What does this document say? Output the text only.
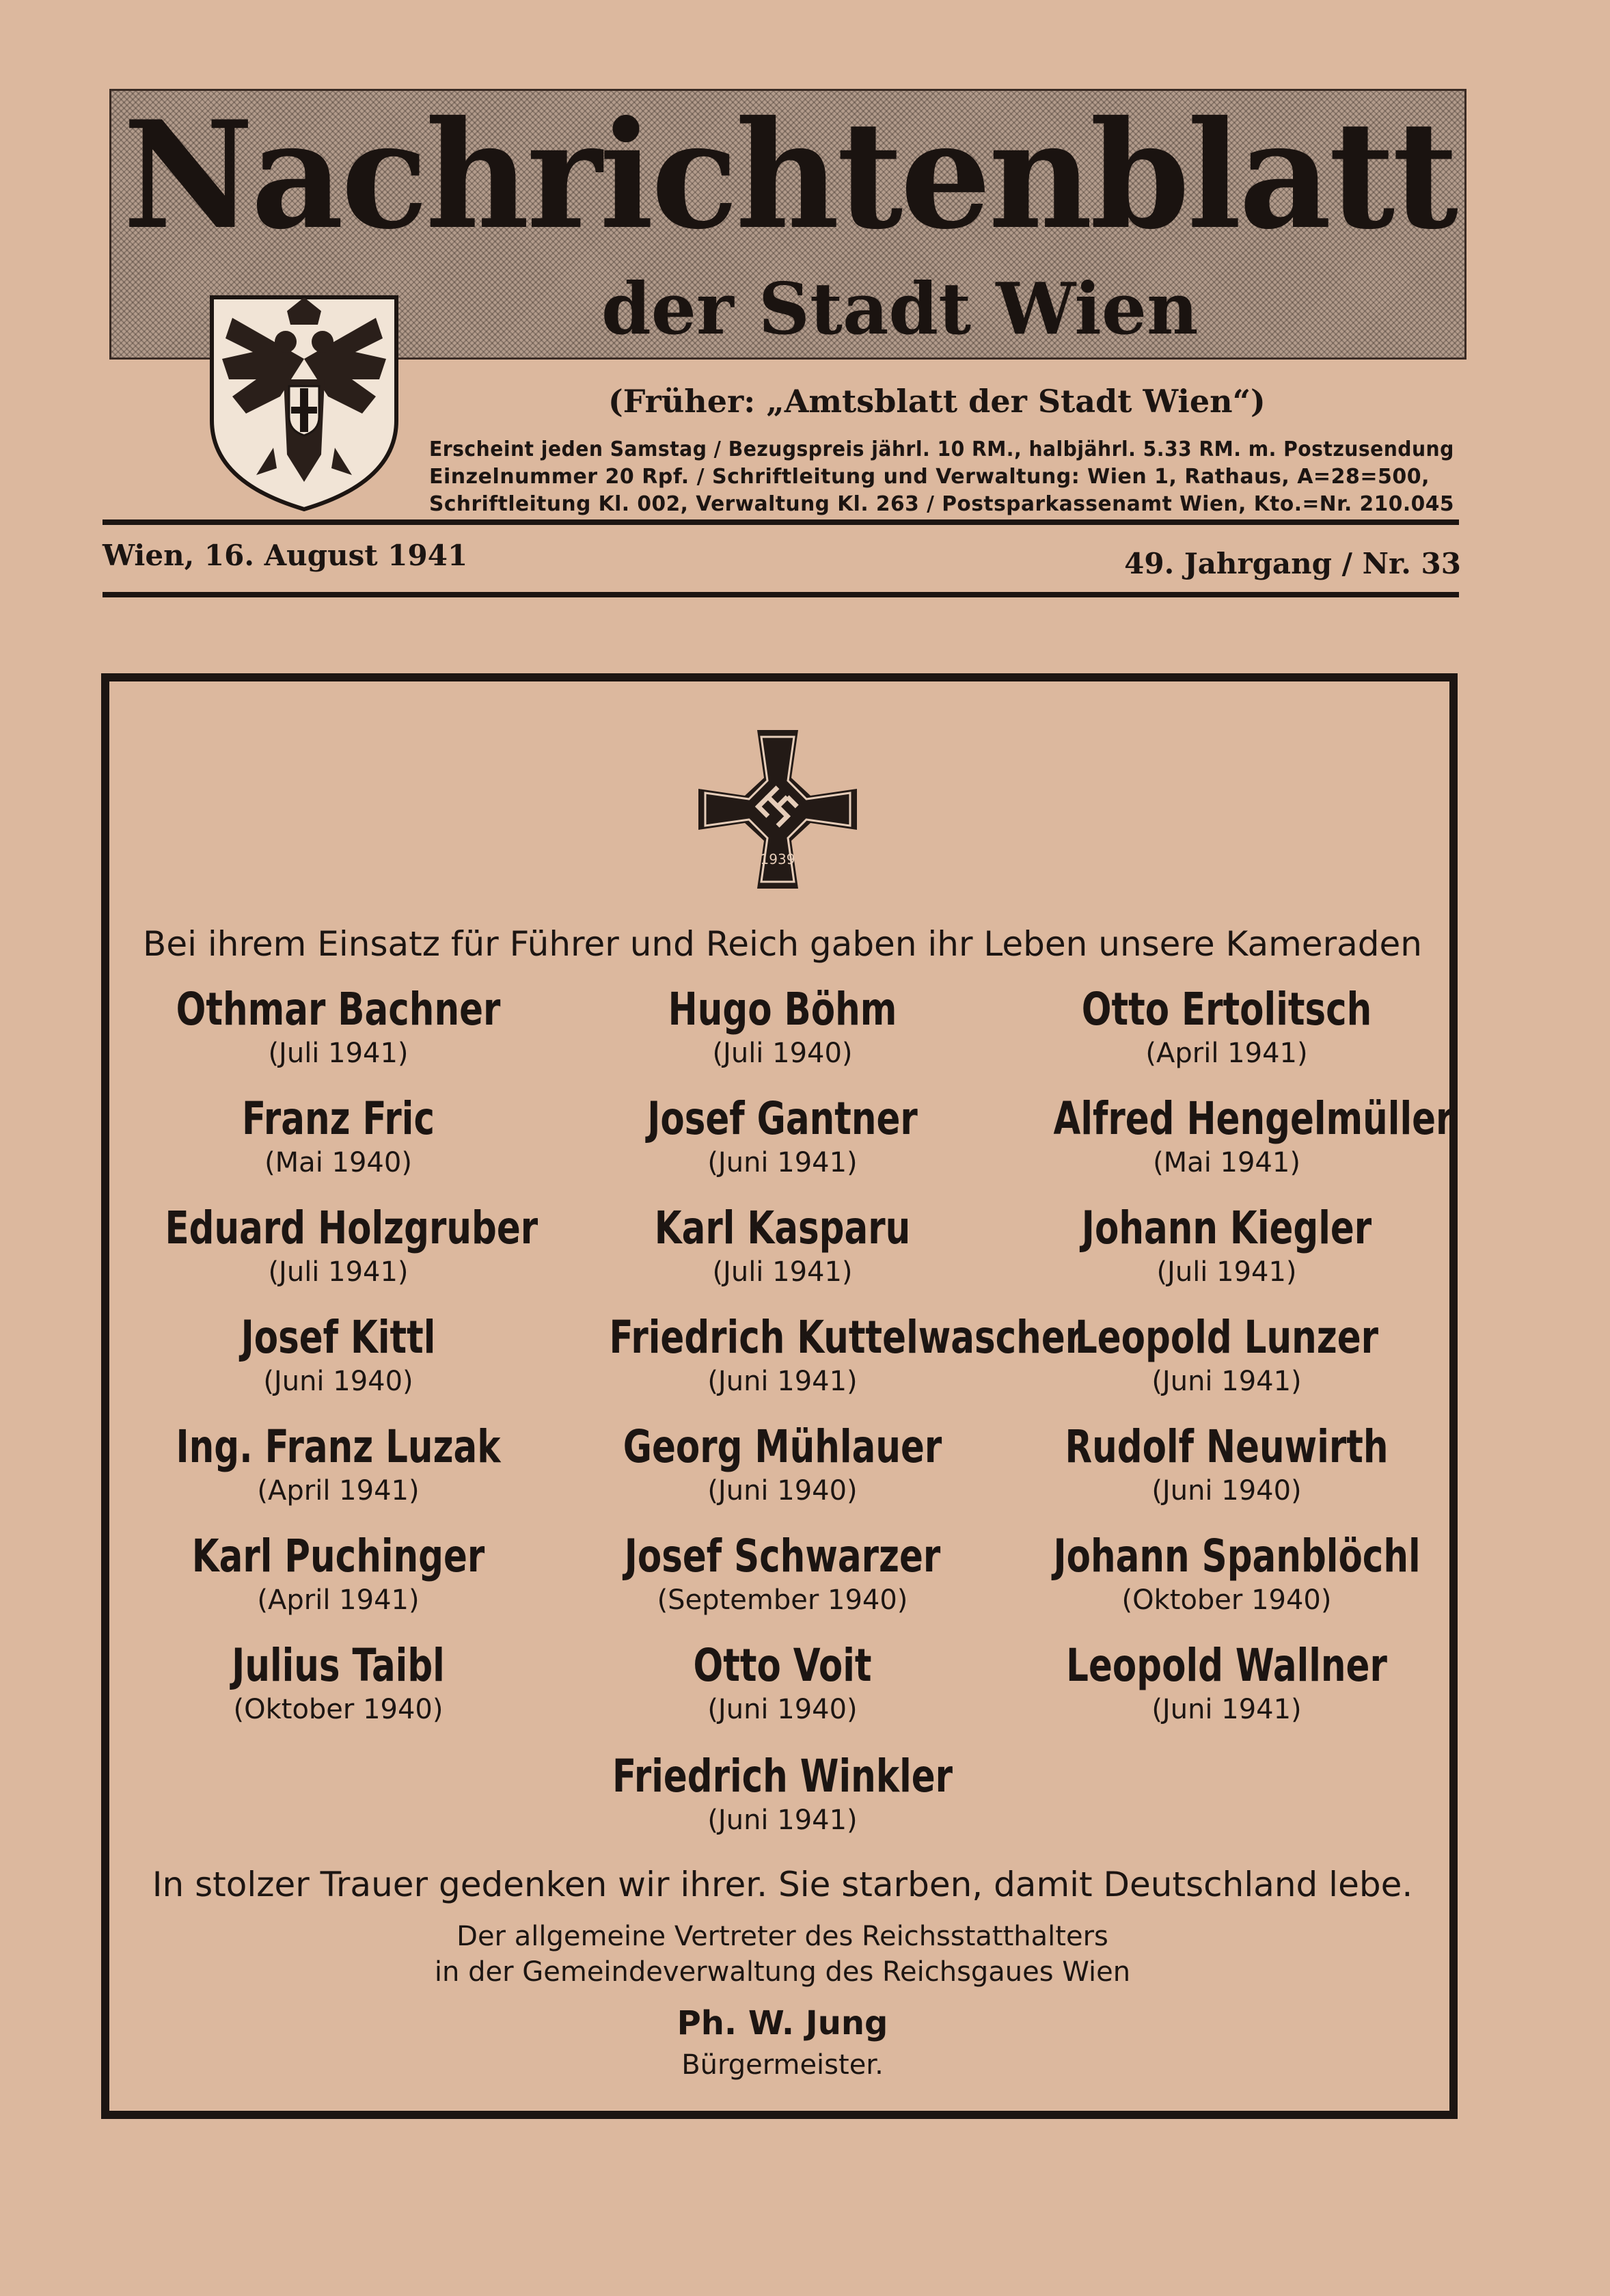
Nachrichtenblatt
der Stadt Wien
(Früher: „Amtsblatt der Stadt Wien“)
Erscheint jeden Samstag / Bezugspreis jährl. 10 RM., halbjährl. 5.33 RM. m. Postzusendung
Einzelnummer 20 Rpf. / Schriftleitung und Verwaltung: Wien 1, Rathaus, A=28=500,
Schriftleitung Kl. 002, Verwaltung Kl. 263 / Postsparkassenamt Wien, Kto.=Nr. 210.045
Wien, 16. August 1941	49. Jahrgang / Nr. 33
1939
Bei ihrem Einsatz für Führer und Reich gaben ihr Leben unsere Kameraden
Othmar Bachner
(Juli 1941)
Hugo Böhm
(Juli 1940)
Otto Ertolitsch
(April 1941)
Franz Fric
(Mai 1940)
Josef Gantner
(Juni 1941)
Alfred Hengelmüller
(Mai 1941)
Eduard Holzgruber
(Juli 1941)
Karl Kasparu
(Juli 1941)
Johann Kiegler
(Juli 1941)
Josef Kittl
(Juni 1940)
Friedrich Kuttelwascher
(Juni 1941)
Leopold Lunzer
(Juni 1941)
Ing. Franz Luzak
(April 1941)
Georg Mühlauer
(Juni 1940)
Rudolf Neuwirth
(Juni 1940)
Karl Puchinger
(April 1941)
Josef Schwarzer
(September 1940)
Johann Spanblöchl
(Oktober 1940)
Julius Taibl
(Oktober 1940)
Otto Voit
(Juni 1940)
Leopold Wallner
(Juni 1941)
Friedrich Winkler
(Juni 1941)
In stolzer Trauer gedenken wir ihrer. Sie starben, damit Deutschland lebe.
Der allgemeine Vertreter des Reichsstatthalters
in der Gemeindeverwaltung des Reichsgaues Wien
Ph. W. Jung
Bürgermeister.
